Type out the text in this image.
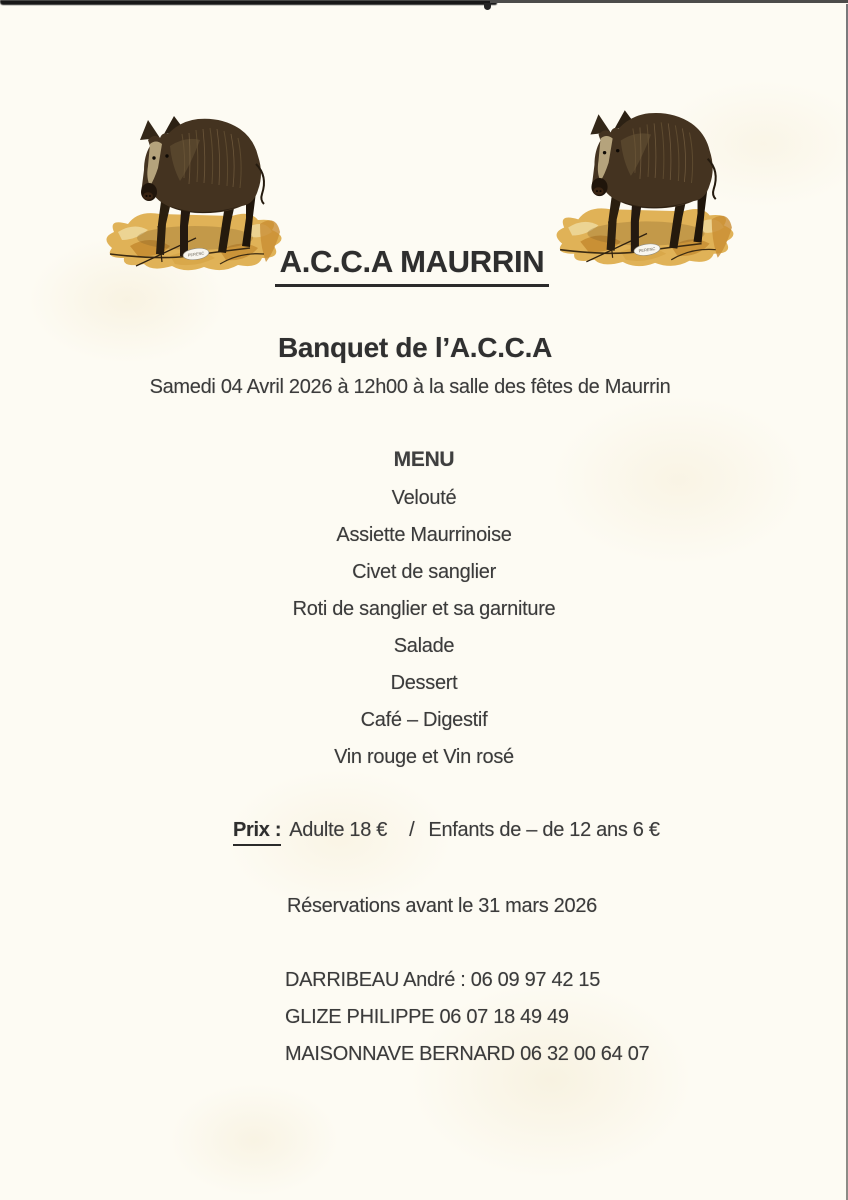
A.C.C.A MAURRIN
Banquet de l’A.C.C.A
Samedi 04 Avril 2026 à 12h00 à la salle des fêtes de Maurrin
MENU
Velouté
Assiette Maurrinoise
Civet de sanglier
Roti de sanglier et sa garniture
Salade
Dessert
Café – Digestif
Vin rouge et Vin rosé
Prix : Adulte 18 € / Enfants de – de 12 ans 6 €
Réservations avant le 31 mars 2026
DARRIBEAU André : 06 09 97 42 15
GLIZE PHILIPPE 06 07 18 49 49
MAISONNAVE BERNARD 06 32 00 64 07
